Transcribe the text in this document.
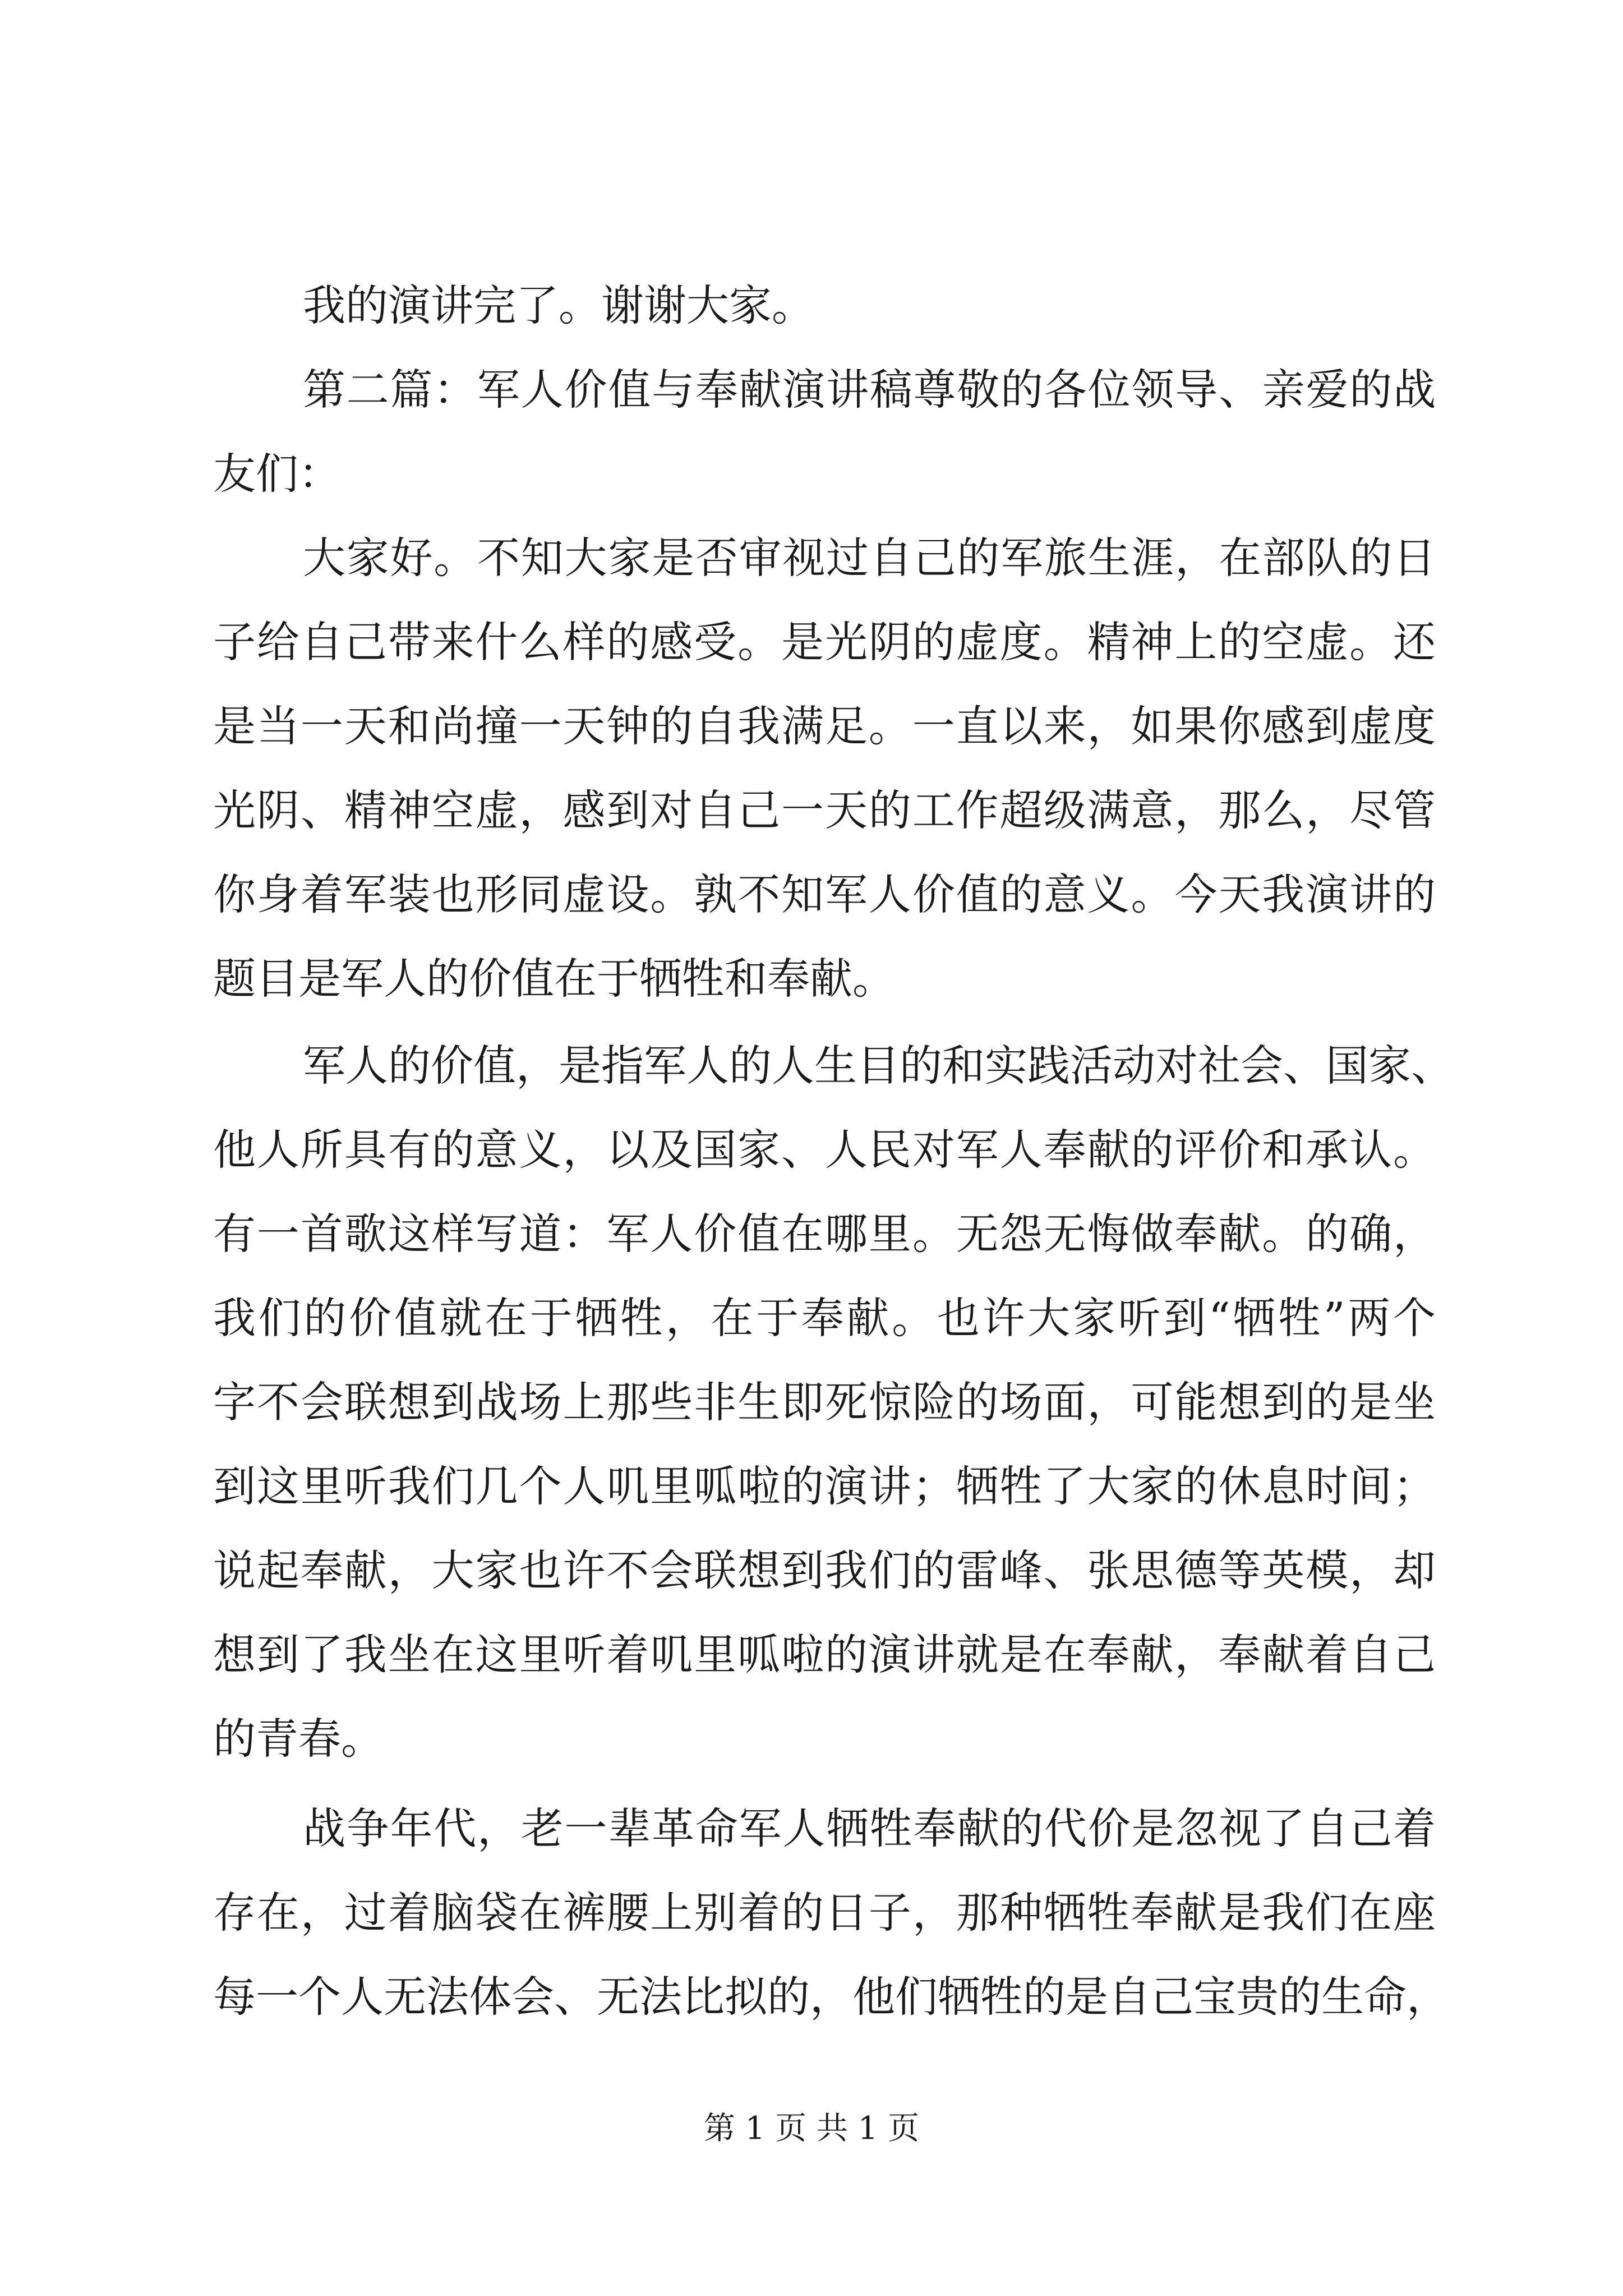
我的演讲完了。谢谢大家。
第二篇：军人价值与奉献演讲稿尊敬的各位领导、亲爱的战
友们：
大家好。不知大家是否审视过自己的军旅生涯，在部队的日
子给自己带来什么样的感受。是光阴的虚度。精神上的空虚。还
是当一天和尚撞一天钟的自我满足。一直以来，如果你感到虚度
光阴、精神空虚，感到对自己一天的工作超级满意，那么，尽管
你身着军装也形同虚设。孰不知军人价值的意义。今天我演讲的
题目是军人的价值在于牺牲和奉献。
军人的价值，是指军人的人生目的和实践活动对社会、国家、
他人所具有的意义，以及国家、人民对军人奉献的评价和承认。
有一首歌这样写道：军人价值在哪里。无怨无悔做奉献。的确，
我们的价值就在于牺牲，在于奉献。也许大家听到“牺牲”两个
字不会联想到战场上那些非生即死惊险的场面，可能想到的是坐
到这里听我们几个人叽里呱啦的演讲；牺牲了大家的休息时间；
说起奉献，大家也许不会联想到我们的雷峰、张思德等英模，却
想到了我坐在这里听着叽里呱啦的演讲就是在奉献，奉献着自己
的青春。
战争年代，老一辈革命军人牺牲奉献的代价是忽视了自己着
存在，过着脑袋在裤腰上别着的日子，那种牺牲奉献是我们在座
每一个人无法体会、无法比拟的，他们牺牲的是自己宝贵的生命，
第 1 页 共 1 页
